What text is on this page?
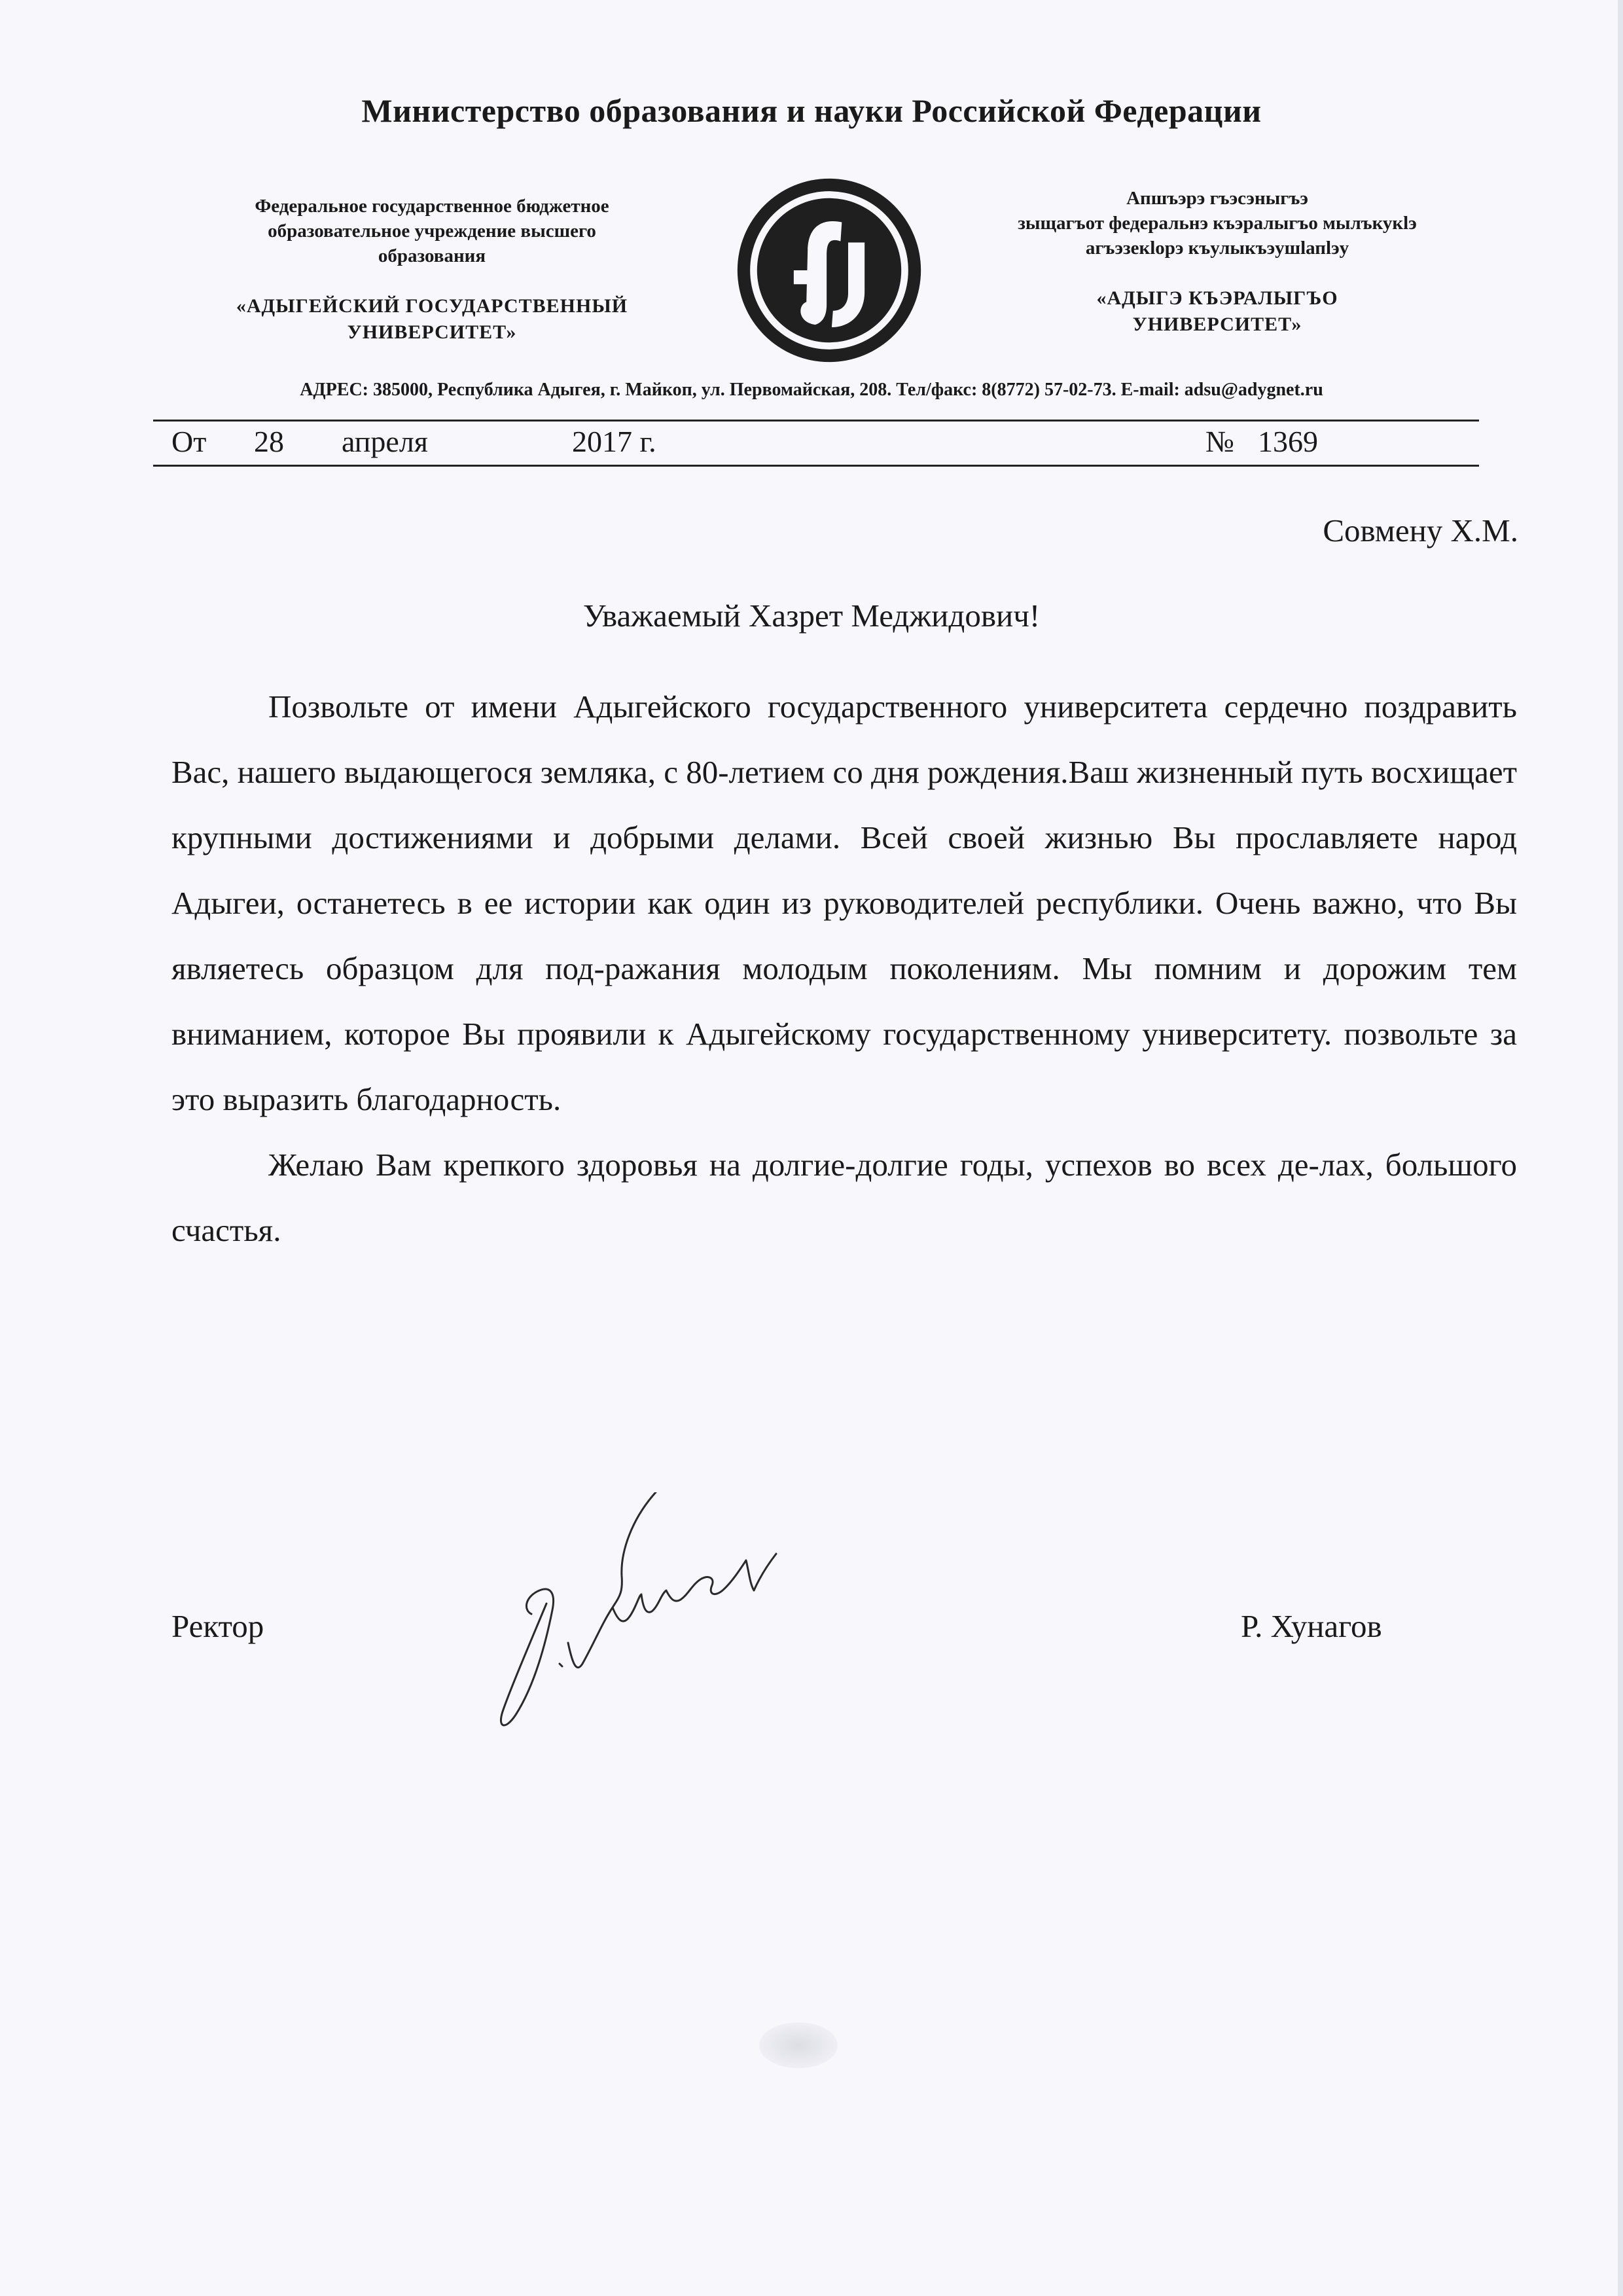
Министерство образования и науки Российской Федерации
Федеральное государственное бюджетное
образовательное учреждение высшего
образования
«АДЫГЕЙСКИЙ ГОСУДАРСТВЕННЫЙ
УНИВЕРСИТЕТ»
Апшъэрэ гъэсэныгъэ
зыщагъот федеральнэ къэралыгъо мылъкукlэ
агъэзекlорэ къулыкъэушlапlэу
«АДЫГЭ КЪЭРАЛЫГЪО
УНИВЕРСИТЕТ»
АДРЕС: 385000, Республика Адыгея, г. Майкоп, ул. Первомайская, 208. Тел/факс: 8(8772) 57-02-73. E-mail: adsu@adygnet.ru
От 28 апреля	2017 г.	№ 1369
Совмену Х.М.
Уважаемый Хазрет Меджидович!

Позвольте от имени Адыгейского государственного университета сердечно поздравить Вас, нашего выдающегося земляка, с 80-летием со дня рождения.Ваш жизненный путь восхищает крупными достижениями и добрыми делами. Всей своей жизнью Вы прославляете народ Адыгеи, останетесь в ее истории как один из руководителей республики. Очень важно, что Вы являетесь образцом для под-ражания молодым поколениям. Мы помним и дорожим тем вниманием, которое Вы проявили к Адыгейскому государственному университету. позвольте за это выразить благодарность.

Желаю Вам крепкого здоровья на долгие-долгие годы, успехов во всех де-лах, большого счастья.

Ректор	Р. Хунагов
